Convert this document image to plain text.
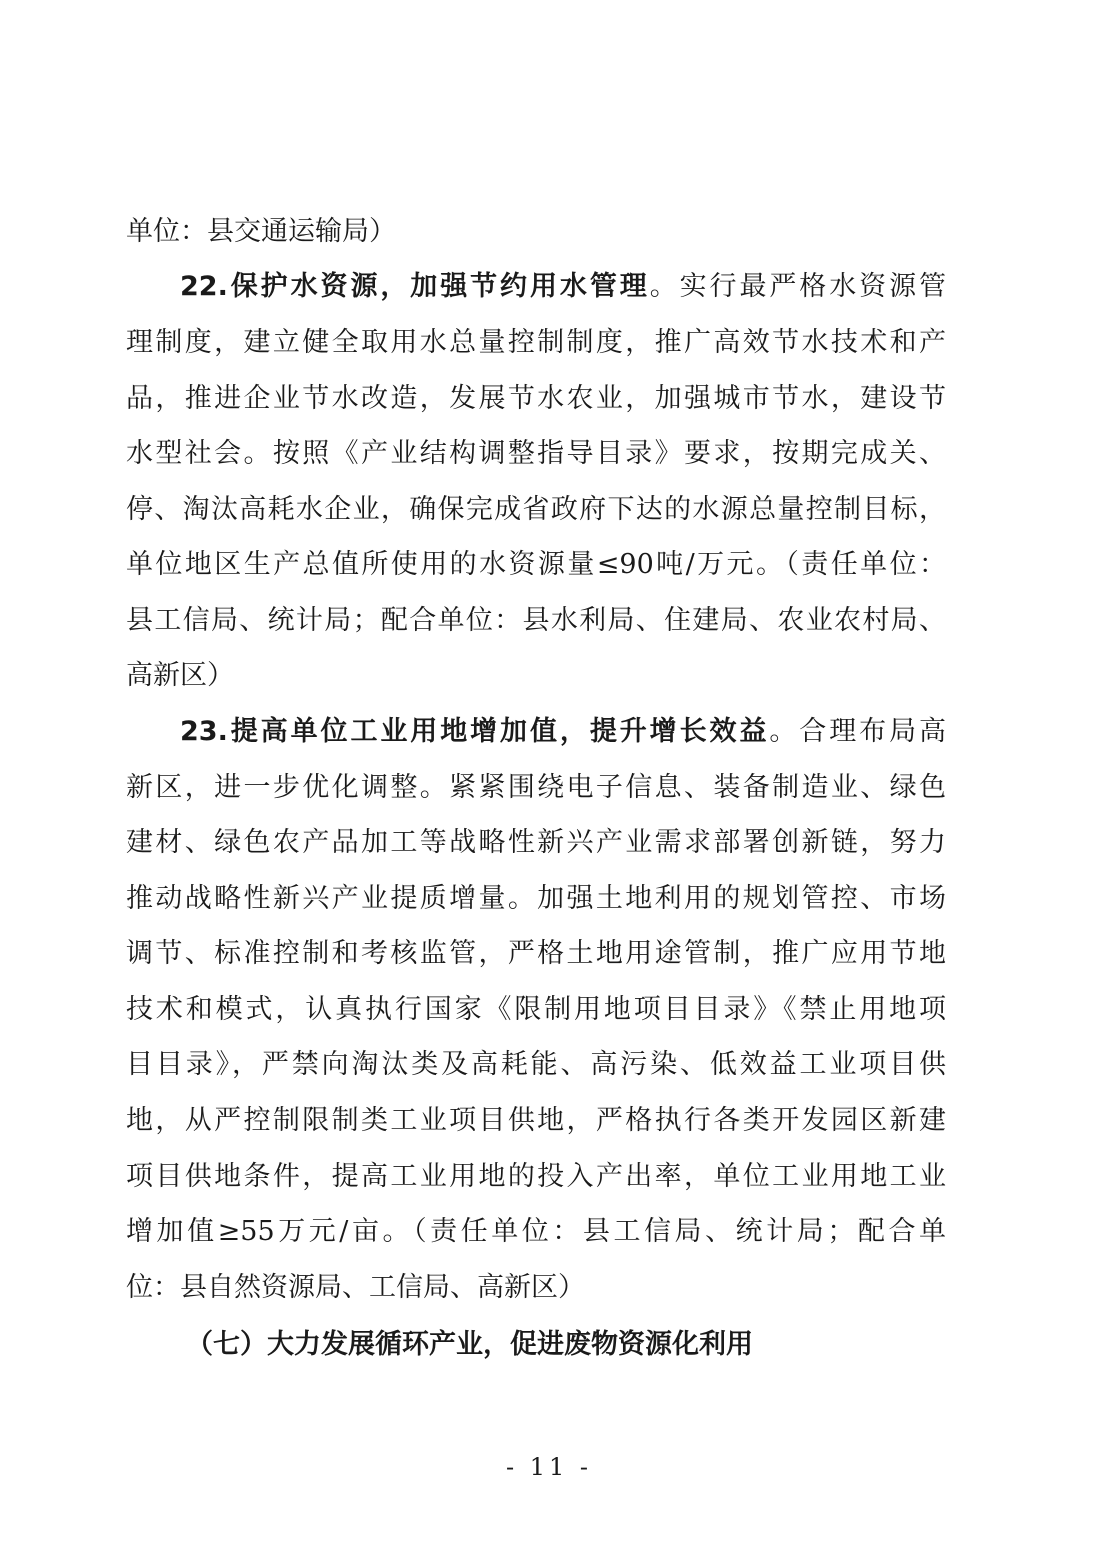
单位：县交通运输局）
22.保护水资源，加强节约用水管理。实行最严格水资源管
理制度，建立健全取用水总量控制制度，推广高效节水技术和产
品，推进企业节水改造，发展节水农业，加强城市节水，建设节
水型社会。按照《产业结构调整指导目录》要求，按期完成关、
停、淘汰高耗水企业，确保完成省政府下达的水源总量控制目标，
单位地区生产总值所使用的水资源量≤90吨/万元。（责任单位：
县工信局、统计局；配合单位：县水利局、住建局、农业农村局、
高新区）
23.提高单位工业用地增加值，提升增长效益。合理布局高
新区，进一步优化调整。紧紧围绕电子信息、装备制造业、绿色
建材、绿色农产品加工等战略性新兴产业需求部署创新链，努力
推动战略性新兴产业提质增量。加强土地利用的规划管控、市场
调节、标准控制和考核监管，严格土地用途管制，推广应用节地
技术和模式，认真执行国家《限制用地项目目录》《禁止用地项
目目录》，严禁向淘汰类及高耗能、高污染、低效益工业项目供
地，从严控制限制类工业项目供地，严格执行各类开发园区新建
项目供地条件，提高工业用地的投入产出率，单位工业用地工业
增加值≥55万元/亩。（责任单位：县工信局、统计局；配合单
位：县自然资源局、工信局、高新区）
（七）大力发展循环产业，促进废物资源化利用
- 11 -
